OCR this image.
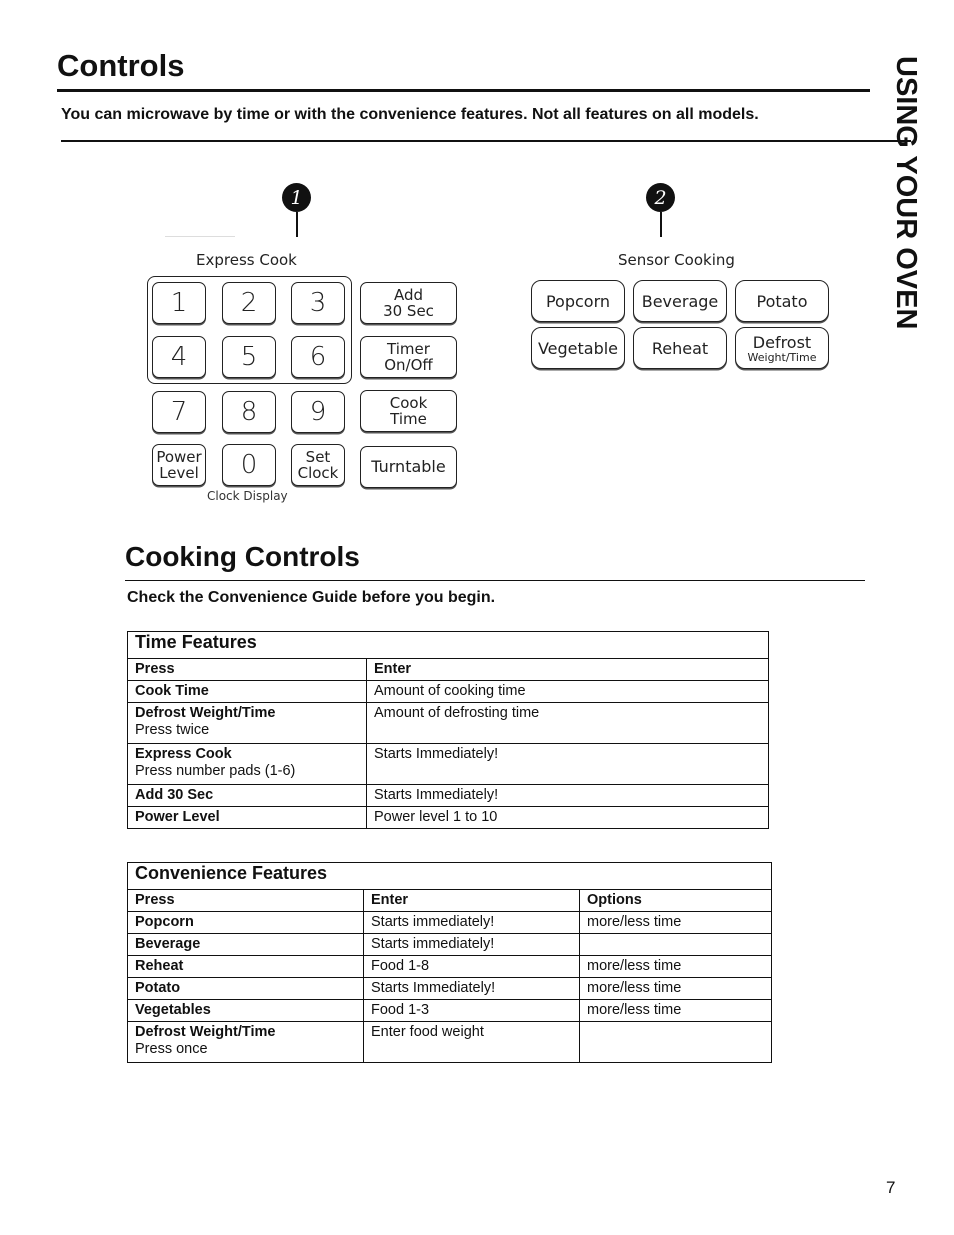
Controls
You can microwave by time or with the convenience features. Not all features on all models.	USING YOUR OVEN
1	2
Express Cook	Sensor Cooking
1	2	3
4	5	6
7	8	9
Power
Level	0	Set
Clock
Clock Display
Add
30 Sec
Timer
On/Off
Cook
Time
Turntable
Popcorn	Beverage	Potato
Vegetable	Reheat	Defrost
Weight/Time
Cooking Controls
Check the Convenience Guide before you begin.
Time Features	
Press	Enter
Cook Time	Amount of cooking time
Defrost Weight/Time
Press twice	Amount of defrosting time
Express Cook
Press number pads (1-6)	Starts Immediately!
Add 30 Sec	Starts Immediately!
Power Level	Power level 1 to 10
Convenience Features		
Press	Enter	Options
Popcorn	Starts immediately!	more/less time
Beverage	Starts immediately!	
Reheat	Food 1-8	more/less time
Potato	Starts Immediately!	more/less time
Vegetables	Food 1-3	more/less time
Defrost Weight/Time
Press once	Enter food weight	
7
